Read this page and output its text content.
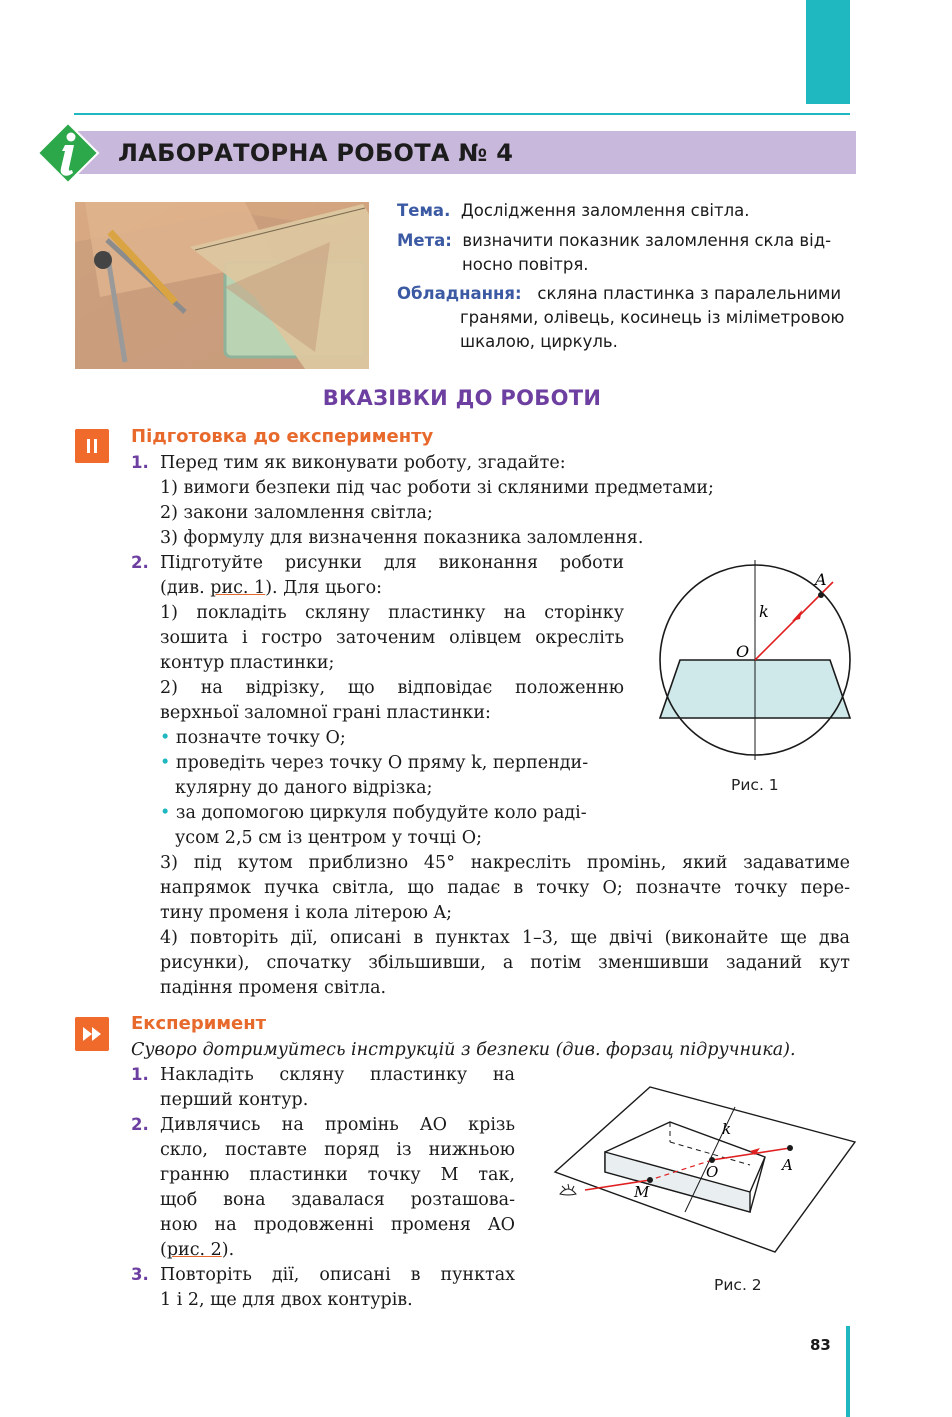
ЛАБОРАТОРНА РОБОТА № 4
Тема. Дослідження заломлення світла.
Мета: визначити показник заломлення скла від-
носно повітря.
Обладнання: скляна пластинка з паралельними
гранями, олівець, косинець із міліметровою
шкалою, циркуль.
ВКАЗІВКИ ДО РОБОТИ
Підготовка до експерименту
1. Перед тим як виконувати роботу, згадайте:
1) вимоги безпеки під час роботи зі скляними предметами;
2) закони заломлення світла;
3) формулу для визначення показника заломлення.
2. Підготуйте рисунки для виконання роботи
(див. рис. 1). Для цього:
1) покладіть скляну пластинку на сторінку
зошита і гостро заточеним олівцем окресліть
контур пластинки;
2) на відрізку, що відповідає положенню
верхньої заломної грані пластинки:
• позначте точку O;
• проведіть через точку O пряму k, перпенди-
кулярну до даного відрізка;
• за допомогою циркуля побудуйте коло раді-
усом 2,5 см із центром у точці O;
3) під кутом приблизно 45° накресліть промінь, який задаватиме
напрямок пучка світла, що падає в точку O; позначте точку пере-
тину променя і кола літерою A;
4) повторіть дії, описані в пунктах 1–3, ще двічі (виконайте ще два
рисунки), спочатку збільшивши, а потім зменшивши заданий кут
падіння променя світла.
A
k
O
Рис. 1
Експеримент
Суворо дотримуйтесь інструкцій з безпеки (див. форзац підручника).
1. Накладіть скляну пластинку на
перший контур.
2. Дивлячись на промінь AO крізь
скло, поставте поряд із нижньою
гранню пластинки точку M так,
щоб вона здавалася розташова-
ною на продовженні променя AO
(рис. 2).
3. Повторіть дії, описані в пунктах
1 і 2, ще для двох контурів.
k
O	A
M
Рис. 2
83
